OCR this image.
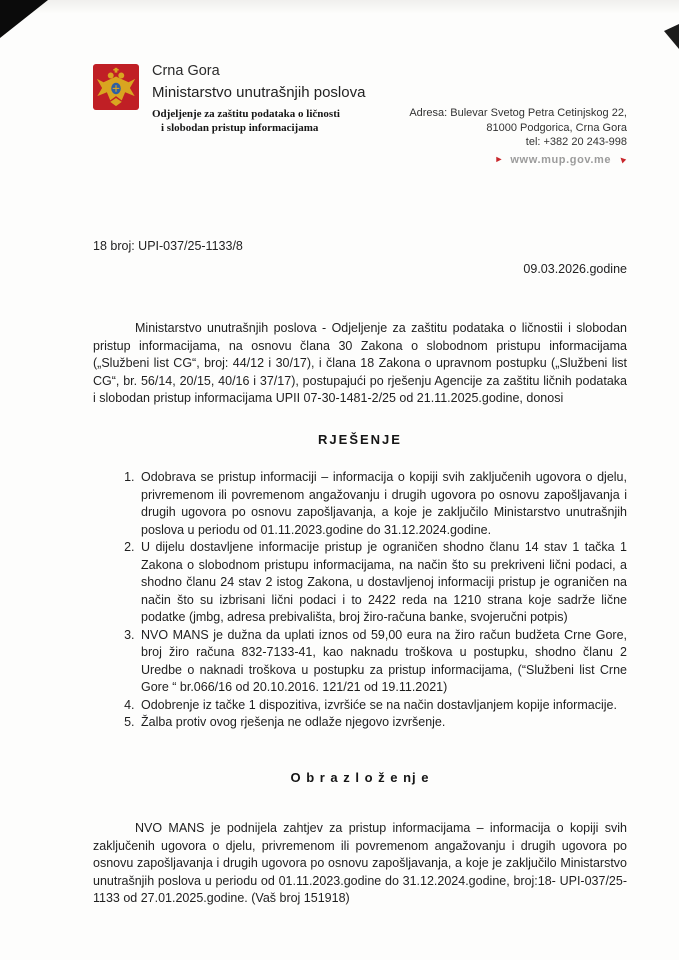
Crna Gora
Ministarstvo unutrašnjih poslova
Odjeljenje za zaštitu podataka o ličnosti
i slobodan pristup informacijama
Adresa: Bulevar Svetog Petra Cetinjskog 22,
81000 Podgorica, Crna Gora
tel: +382 20 243-998
► www.mup.gov.me ►
18 broj: UPI-037/25-1133/8
09.03.2026.godine

Ministarstvo unutrašnjih poslova - Odjeljenje za zaštitu podataka o ličnostii i slobodan pristup informacijama, na osnovu člana 30 Zakona o slobodnom pristupu informacijama („Službeni list CG“, broj: 44/12 i 30/17), i člana 18 Zakona o upravnom postupku („Službeni list CG“, br. 56/14, 20/15, 40/16 i 37/17), postupajući po rješenju Agencije za zaštitu ličnih podataka i slobodan pristup informacijama UPII 07-30-1481-2/25 od 21.11.2025.godine, donosi

RJEŠENJE
1. Odobrava se pristup informaciji – informacija o kopiji svih zaključenih ugovora o djelu, privremenom ili povremenom angažovanju i drugih ugovora po osnovu zapošljavanja i drugih ugovora po osnovu zapošljavanja, a koje je zaključilo Ministarstvo unutrašnjih poslova u periodu od 01.11.2023.godine do 31.12.2024.godine.
2. U dijelu dostavljene informacije pristup je ograničen shodno članu 14 stav 1 tačka 1 Zakona o slobodnom pristupu informacijama, na način što su prekriveni lični podaci, a shodno članu 24 stav 2 istog Zakona, u dostavljenoj informaciji pristup je ograničen na način što su izbrisani lični podaci i to 2422 reda na 1210 strana koje sadrže lične podatke (jmbg, adresa prebivališta, broj žiro-računa banke, svojeručni potpis)
3. NVO MANS je dužna da uplati iznos od 59,00 eura na žiro račun budžeta Crne Gore, broj žiro računa 832-7133-41, kao naknadu troškova u postupku, shodno članu 2 Uredbe o naknadi troškova u postupku za pristup informacijama, (“Službeni list Crne Gore “ br.066/16 od 20.10.2016. 121/21 od 19.11.2021)
4. Odobrenje iz tačke 1 dispozitiva, izvršiće se na način dostavljanjem kopije informacije.
5. Žalba protiv ovog rješenja ne odlaže njegovo izvršenje.
O b r a z l o ž e nj e

NVO MANS je podnijela zahtjev za pristup informacijama – informacija o kopiji svih zaključenih ugovora o djelu, privremenom ili povremenom angažovanju i drugih ugovora po osnovu zapošljavanja i drugih ugovora po osnovu zapošljavanja, a koje je zaključilo Ministarstvo unutrašnjih poslova u periodu od 01.11.2023.godine do 31.12.2024.godine, broj:18- UPI-037/25-1133 od 27.01.2025.godine. (Vaš broj 151918)
